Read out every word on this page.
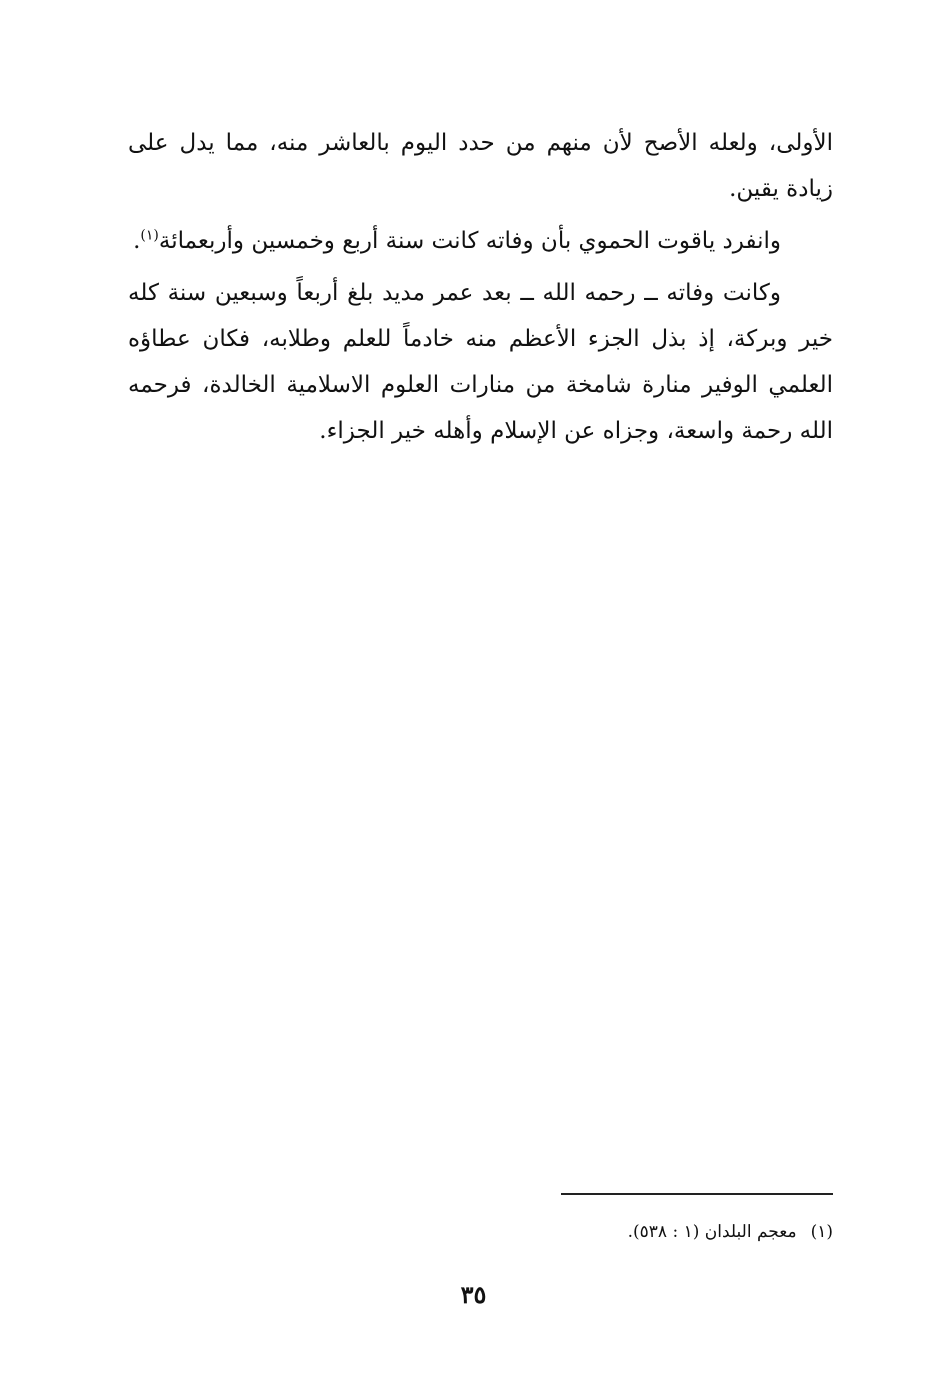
الأولى، ولعله الأصح لأن منهم من حدد اليوم بالعاشر منه، مما يدل على زيادة يقين.

وانفرد ياقوت الحموي بأن وفاته كانت سنة أربع وخمسين وأربعمائة$^{(١)}$.

وكانت وفاته ــ رحمه الله ــ بعد عمر مديد بلغ أربعاً وسبعين سنة كله خير وبركة، إذ بذل الجزء الأعظم منه خادماً للعلم وطلابه، فكان عطاؤه العلمي الوفير منارة شامخة من منارات العلوم الاسلامية الخالدة، فرحمه الله رحمة واسعة، وجزاه عن الإسلام وأهله خير الجزاء.

(١)معجم البلدان (١ : ٥٣٨).
٣٥
